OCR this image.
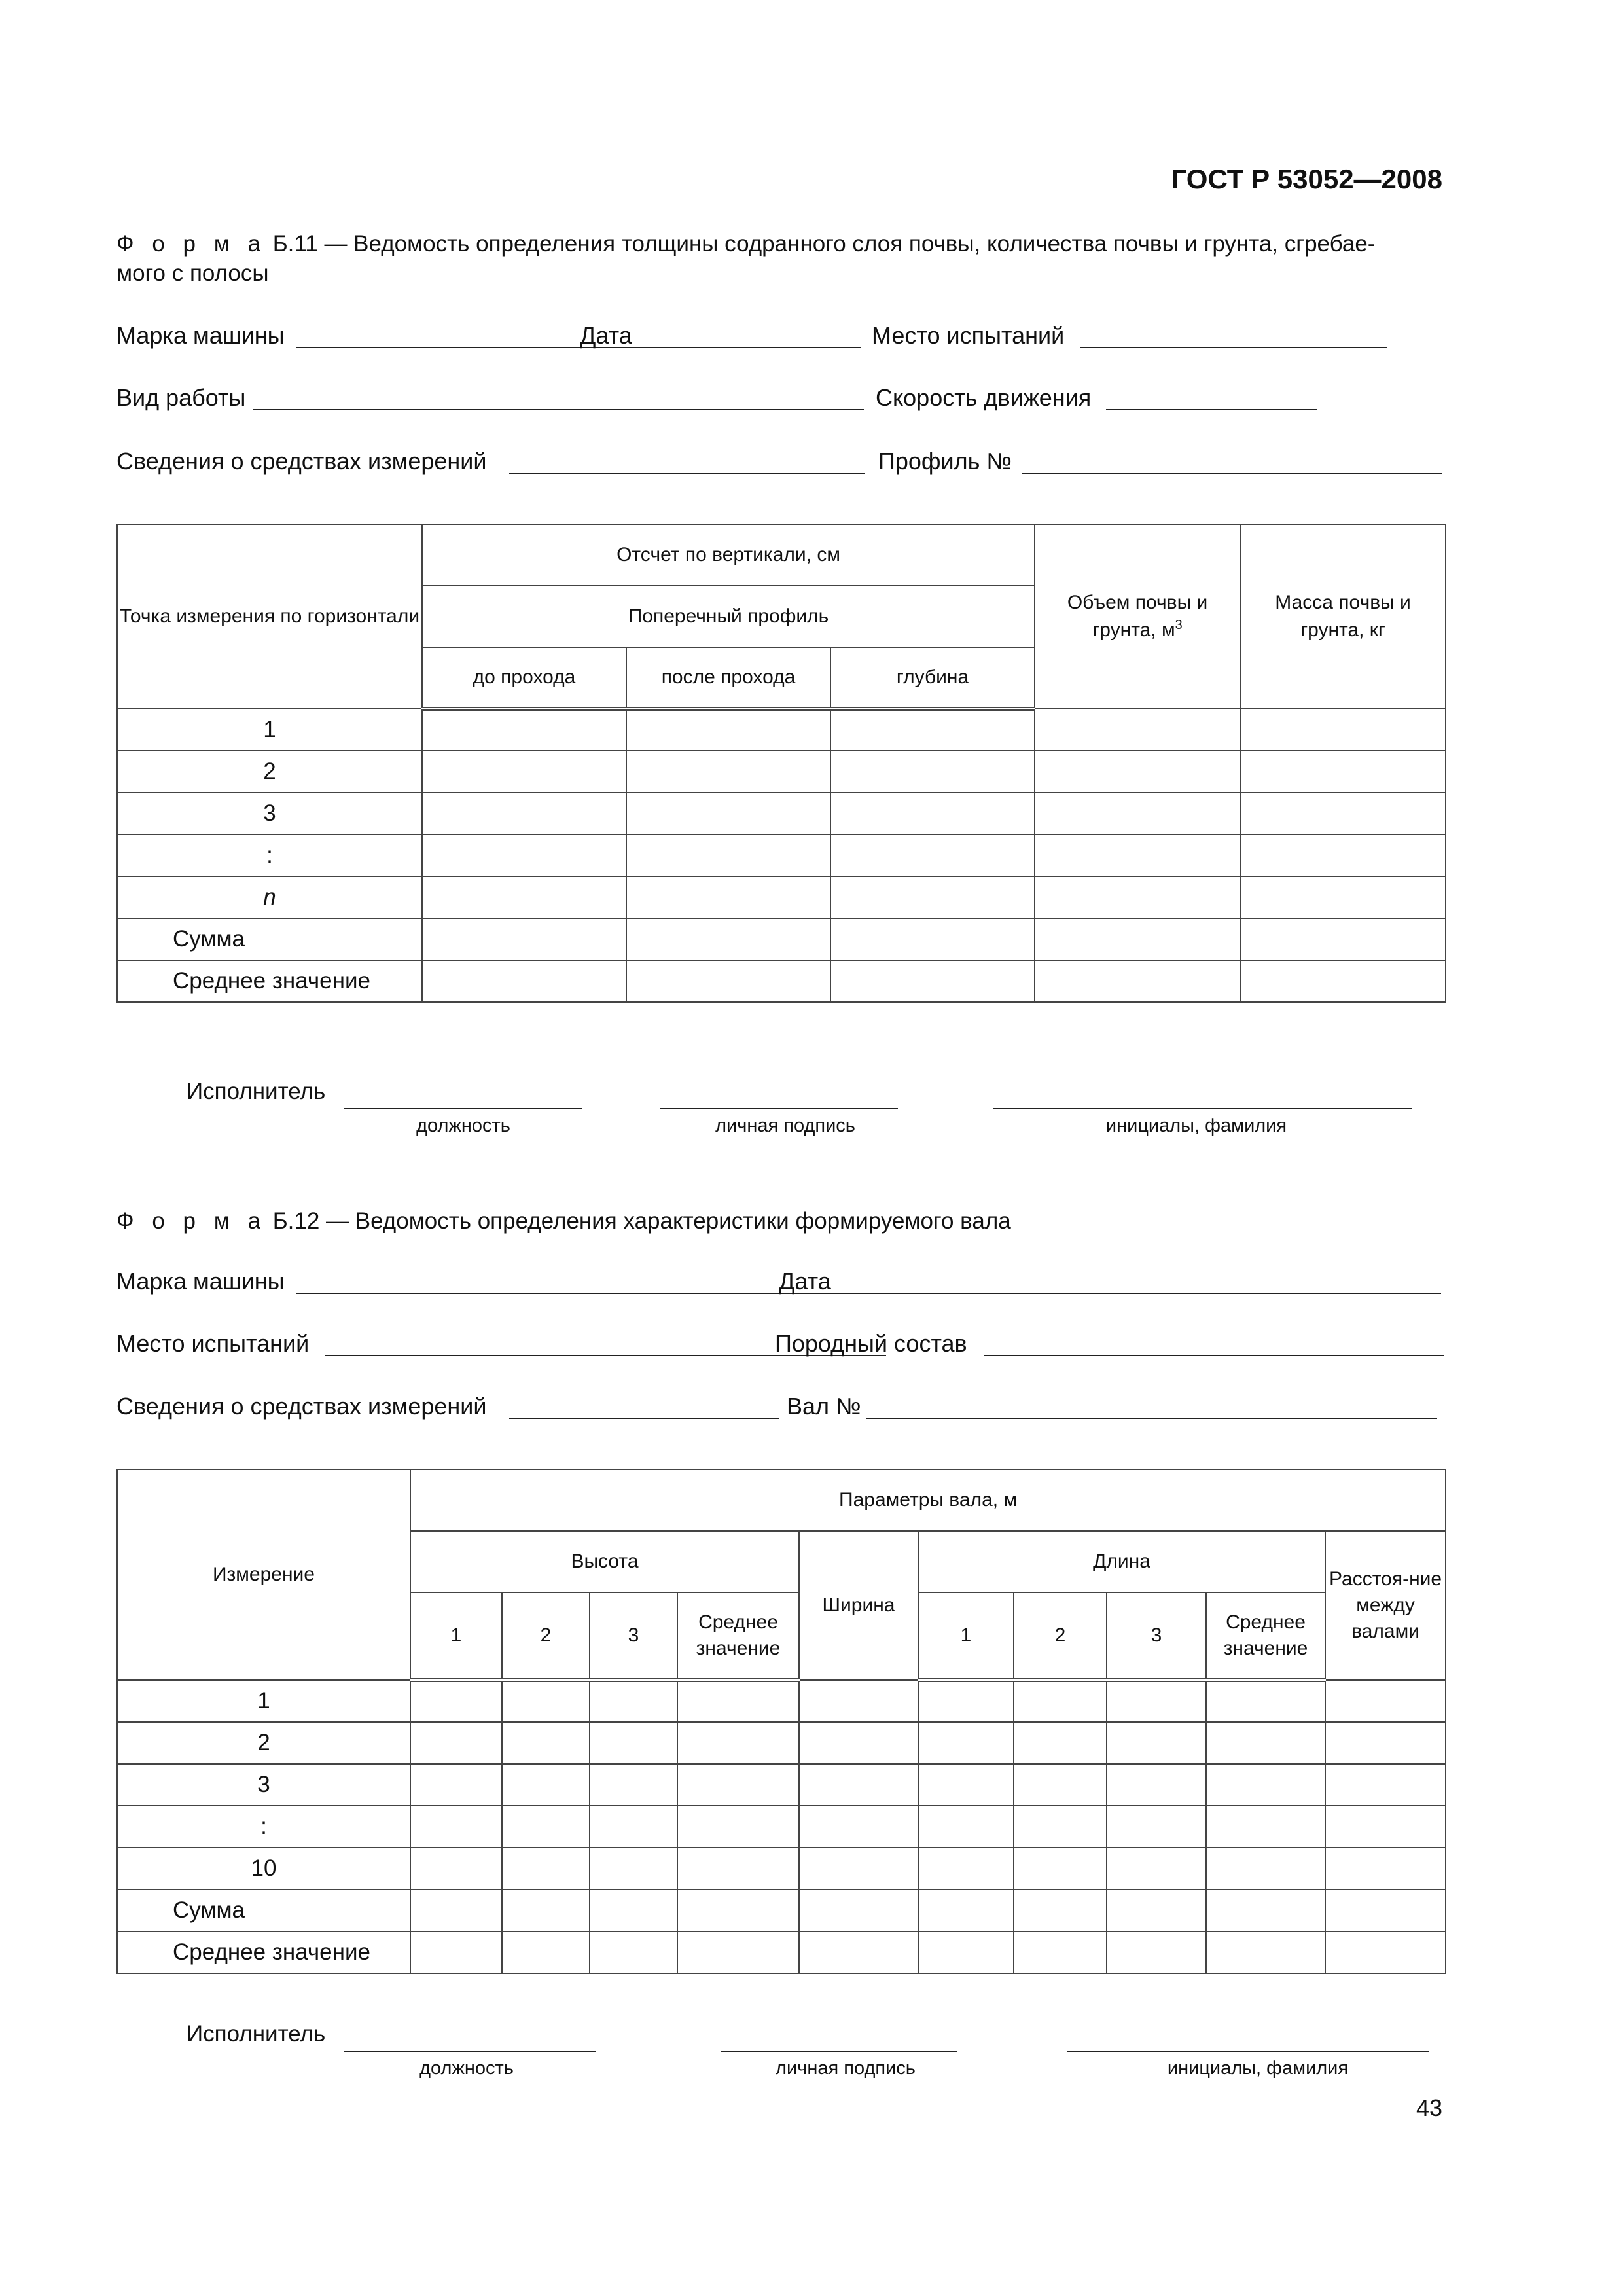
ГОСТ Р 53052—2008
Ф о р м а Б.11 — Ведомость определения толщины содранного слоя почвы, количества почвы и грунта, сгребае-
мого с полосы
Марка машины	Дата	Место испытаний
Вид работы	Скорость движения
Сведения о средствах измерений	Профиль №
Точка измерения по горизонтали	Отсчет по вертикали, см			Объем почвы и грунта, $м^3$	Масса почвы и грунта, кг
	Поперечный профиль				
	до прохода	после прохода	глубина		
1					
2					
3					
:					
n					
Сумма					
Среднее значение					
Исполнитель
должность	личная подпись	инициалы, фамилия
Ф о р м а Б.12 — Ведомость определения характеристики формируемого вала
Марка машины	Дата
Место испытаний	Породный состав
Сведения о средствах измерений	Вал №
Измерение	Параметры вала, м									
	Высота				Ширина	Длина				Расстоя-ние между валами
	1	2	3	Среднее значение		1	2	3	Среднее значение	
1										
2										
3										
:										
10										
Сумма										
Среднее значение										
Исполнитель
должность	личная подпись	инициалы, фамилия
43
